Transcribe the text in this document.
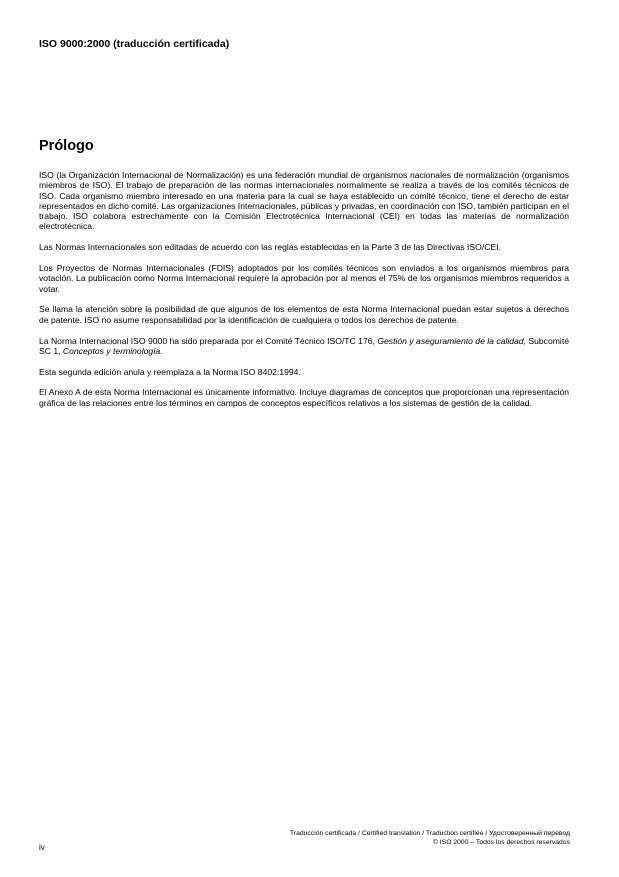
ISO 9000:2000 (traducción certificada)
Prólogo

ISO (la Organización Internacional de Normalización) es una federación mundial de organismos nacionales de normalización (organismos miembros de ISO). El trabajo de preparación de las normas internacionales normalmente se realiza a través de los comités técnicos de ISO. Cada organismo miembro interesado en una materia para la cual se haya establecido un comité técnico, tiene el derecho de estar representados en dicho comité. Las organizaciones Internacionales, públicas y privadas, en coordinación con ISO, también participan en el trabajo. ISO colabora estrechamente con la Comisión Electrotécnica Internacional (CEI) en todas las materias de normalización electrotécnica.

Las Normas Internacionales son editadas de acuerdo con las reglas establecidas en la Parte 3 de las Directivas ISO/CEI.

Los Proyectos de Normas Internacionales (FDIS) adoptados por los comités técnicos son enviados a los organismos miembros para votación. La publicación como Norma Internacional requiere la aprobación por al menos el 75% de los organismos miembros requeridos a votar.

Se llama la atención sobre la posibilidad de que algunos de los elementos de esta Norma Internacional puedan estar sujetos a derechos de patente. ISO no asume responsabilidad por la identificación de cualquiera o todos los derechos de patente.

La Norma Internacional ISO 9000 ha sido preparada por el Comité Técnico ISO/TC 176, Gestión y aseguramiento de la calidad, Subcomité SC 1, Conceptos y terminología.

Esta segunda edición anula y reemplaza a la Norma ISO 8402:1994.

El Anexo A de esta Norma Internacional es únicamente informativo. Incluye diagramas de conceptos que proporcionan una representación gráfica de las relaciones entre los términos en campos de conceptos específicos relativos a los sistemas de gestión de la calidad.

Traducción certificada / Certified translation / Traduction certifiée / Удостоверенный перевод
© ISO 2000 – Todos los derechos reservados
iv
